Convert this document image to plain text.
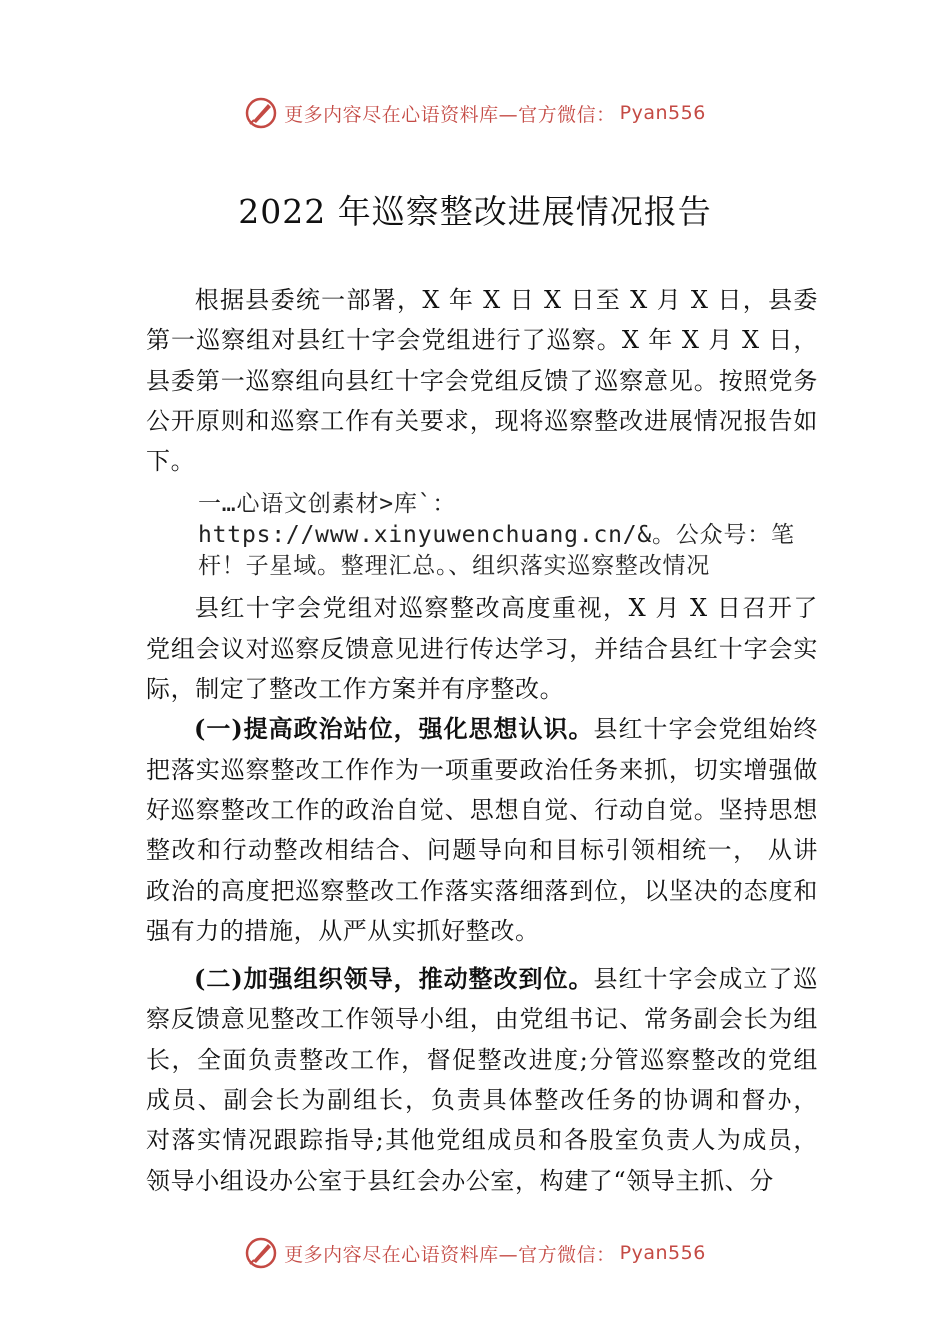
更多内容尽在心语资料库—官方微信： Pyan556
2022 年巡察整改进展情况报告

根据县委统一部署，X 年 X 日 X 日至 X 月 X 日，县委第一巡察组对县红十字会党组进行了巡察。X 年 X 月 X 日，县委第一巡察组向县红十字会党组反馈了巡察意见。按照党务公开原则和巡察工作有关要求，现将巡察整改进展情况报告如下。

一…心语文创素材>库`：https://www.xinyuwenchuang.cn/&。公众号：笔杆！子星域。整理汇总。、组织落实巡察整改情况

县红十字会党组对巡察整改高度重视，X 月 X 日召开了党组会议对巡察反馈意见进行传达学习，并结合县红十字会实际，制定了整改工作方案并有序整改。

(一)提高政治站位，强化思想认识。县红十字会党组始终把落实巡察整改工作作为一项重要政治任务来抓，切实增强做好巡察整改工作的政治自觉、思想自觉、行动自觉。坚持思想整改和行动整改相结合、问题导向和目标引领相统一， 从讲政治的高度把巡察整改工作落实落细落到位，以坚决的态度和强有力的措施，从严从实抓好整改。

(二)加强组织领导，推动整改到位。县红十字会成立了巡察反馈意见整改工作领导小组，由党组书记、常务副会长为组长，全面负责整改工作，督促整改进度;分管巡察整改的党组成员、副会长为副组长，负责具体整改任务的协调和督办， 对落实情况跟踪指导;其他党组成员和各股室负责人为成员，领导小组设办公室于县红会办公室，构建了“领导主抓、分

更多内容尽在心语资料库—官方微信： Pyan556
